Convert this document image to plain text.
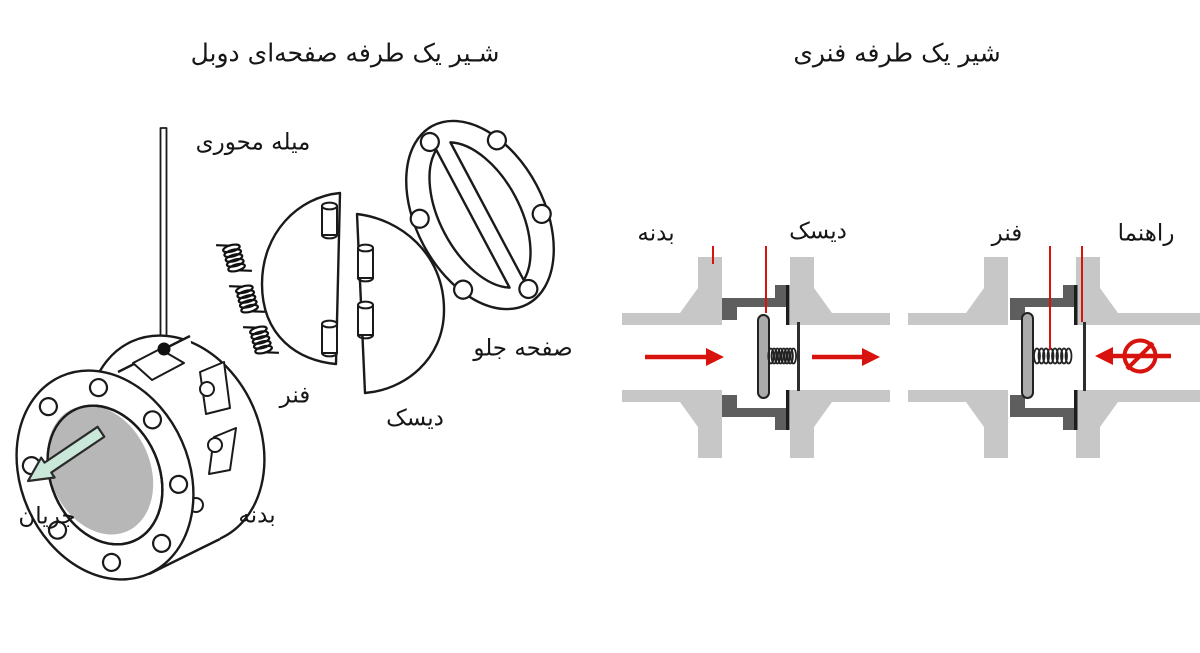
شـیر یک طرفه صفحه‌ای دوبل	شیر یک طرفه فنری
میله محوری
فنر
دیسک
صفحه جلو
بدنه
جریان
بدنه	دیسک	فنر	راهنما
